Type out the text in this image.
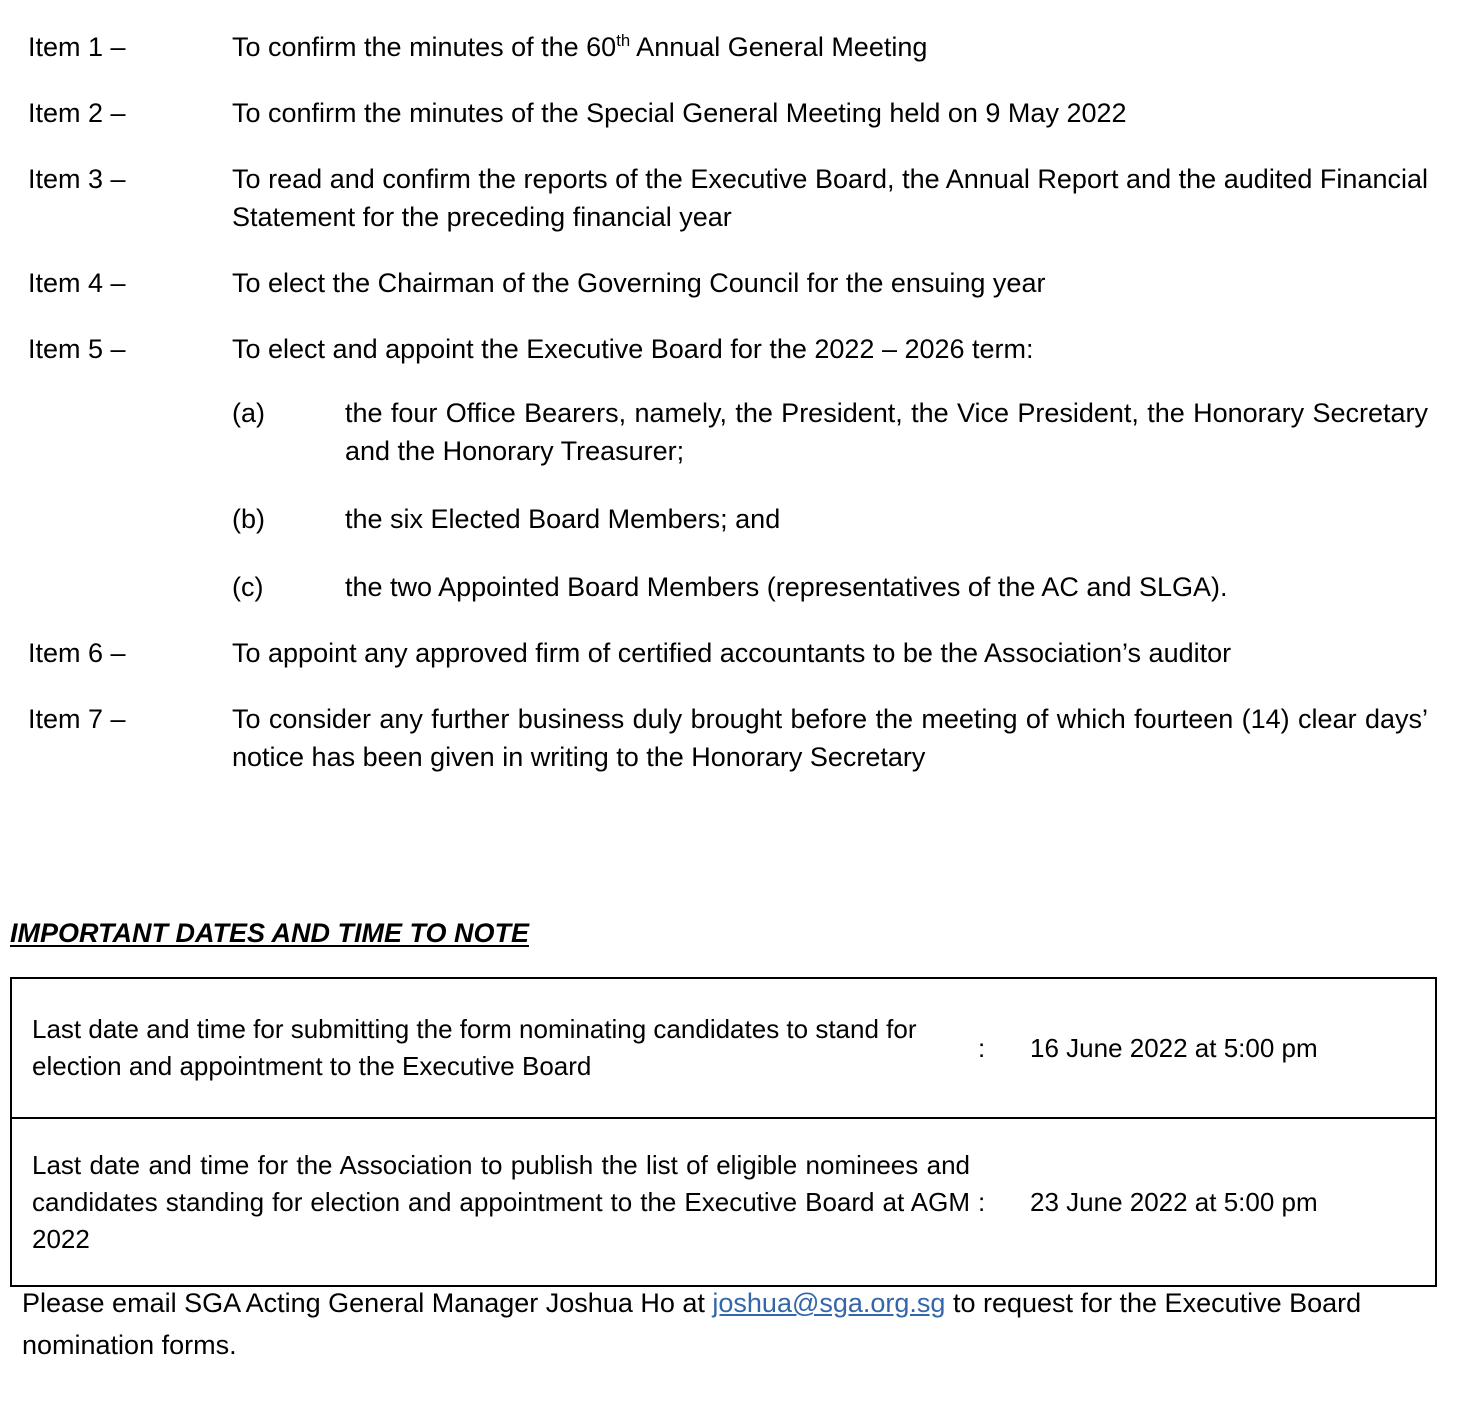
Item 1 –	To confirm the minutes of the 60th Annual General Meeting
Item 2 –	To confirm the minutes of the Special General Meeting held on 9 May 2022
Item 3 –	To read and confirm the reports of the Executive Board, the Annual Report and the audited Financial Statement for the preceding financial year
Item 4 –	To elect the Chairman of the Governing Council for the ensuing year
Item 5 –	To elect and appoint the Executive Board for the 2022 – 2026 term:
(a)	the four Office Bearers, namely, the President, the Vice President, the Honorary Secretary and the Honorary Treasurer;
(b)	the six Elected Board Members; and
(c)	the two Appointed Board Members (representatives of the AC and SLGA).
Item 6 –	To appoint any approved firm of certified accountants to be the Association’s auditor
Item 7 –	To consider any further business duly brought before the meeting of which fourteen (14) clear days’ notice has been given in writing to the Honorary Secretary
IMPORTANT DATES AND TIME TO NOTE
Last date and time for submitting the form nominating candidates to stand for election and appointment to the Executive Board	:	16 June 2022 at 5:00 pm

Last date and time for the Association to publish the list of eligible nominees and candidates standing for election and appointment to the Executive Board at AGM 2022	:	23 June 2022 at 5:00 pm
Please email SGA Acting General Manager Joshua Ho at joshua@sga.org.sg to request for the Executive Board nomination forms.
